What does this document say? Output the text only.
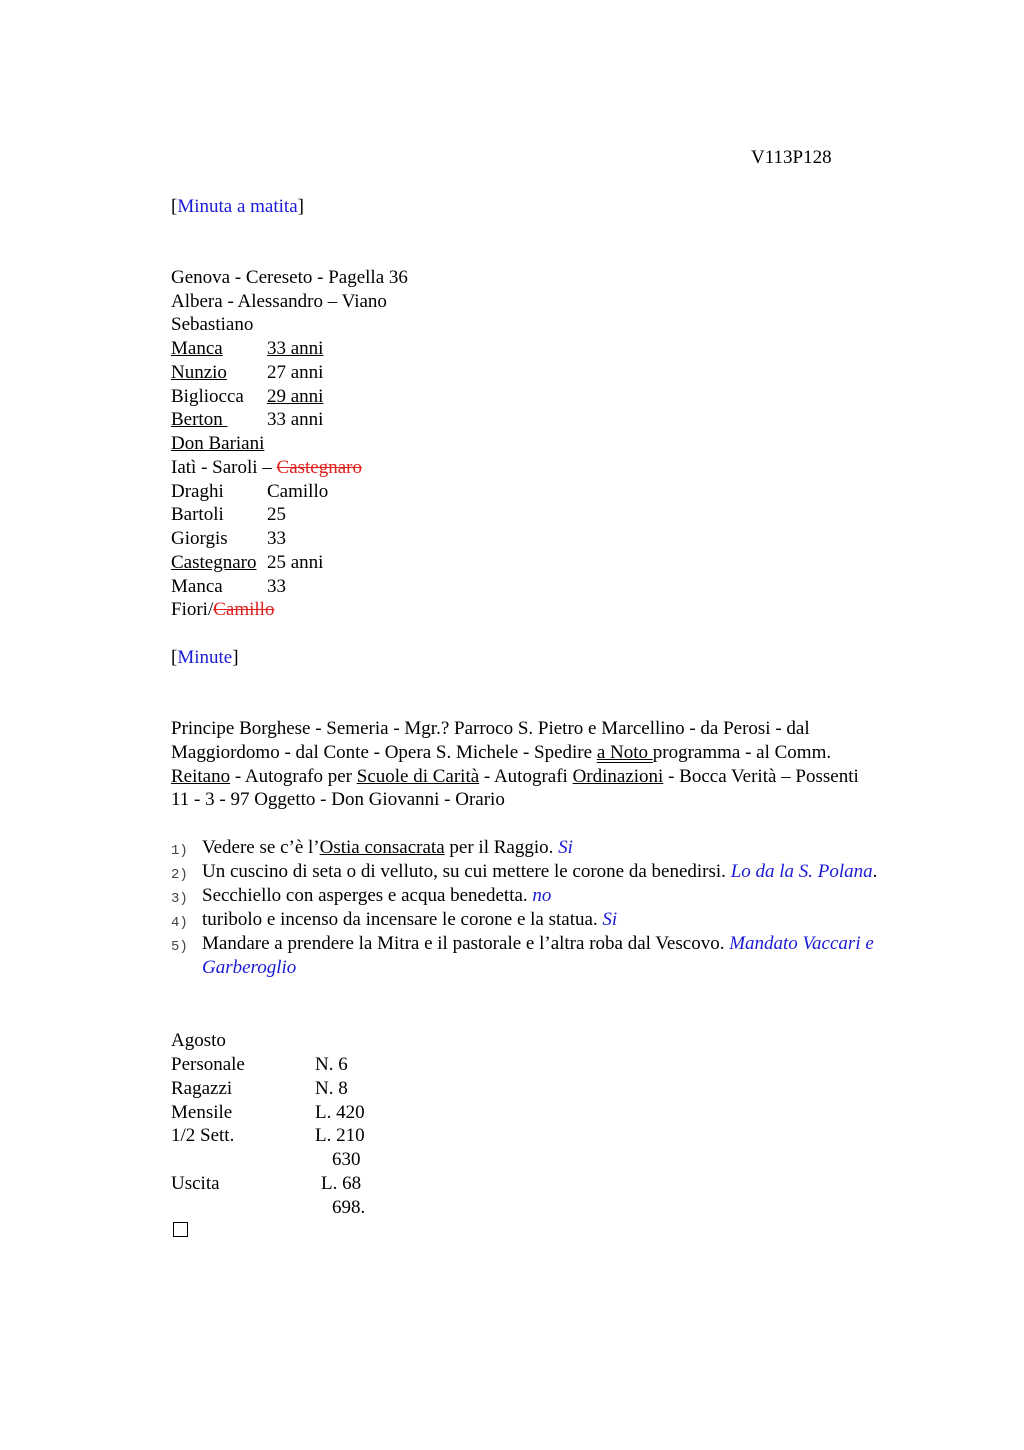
V113P128
[Minuta a matita]
Genova - Cereseto - Pagella 36
Albera - Alessandro – Viano
Sebastiano
Manca 33 anni
Nunzio 27 anni
Bigliocca 29 anni
Berton 33 anni

Don Bariani
Iatì - Saroli – Castegnaro
Draghi Camillo
Bartoli 25
Giorgis 33
Castegnaro 25 anni
Manca 33
Fiori/Camillo
[Minute]
Principe Borghese - Semeria - Mgr.? Parroco S. Pietro e Marcellino - da Perosi - dal
Maggiordomo - dal Conte - Opera S. Michele - Spedire a Noto programma - al Comm.
Reitano - Autografo per Scuole di Carità - Autografi Ordinazioni - Bocca Verità – Possenti
11 - 3 - 97 Oggetto - Don Giovanni - Orario
1) Vedere se c’è l’Ostia consacrata per il Raggio. Si
2) Un cuscino di seta o di velluto, su cui mettere le corone da benedirsi. Lo da la S. Polana.
3) Secchiello con asperges e acqua benedetta. no
4) turibolo e incenso da incensare le corone e la statua. Si
5) Mandare a prendere la Mitra e il pastorale e l’altra roba dal Vescovo. Mandato Vaccari e Garberoglio
Agosto
Personale	N. 6

Ragazzi	N. 8

Mensile	L. 420

1/2 Sett.	L. 210

630

Uscita	L. 68

698.
